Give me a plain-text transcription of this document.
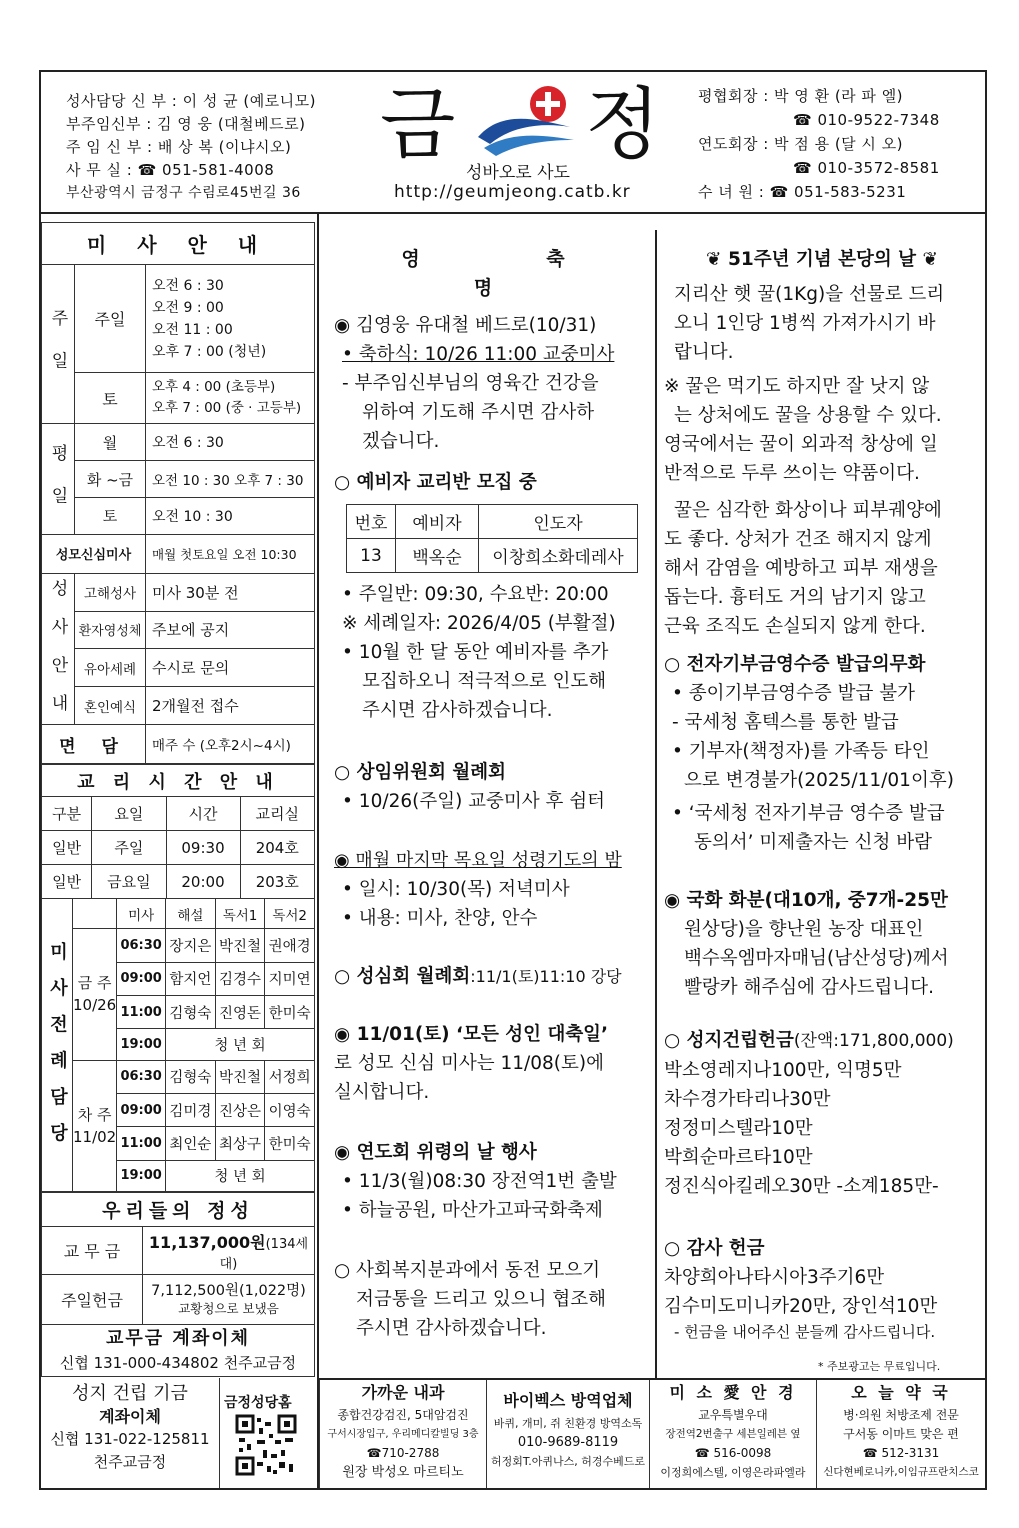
성사담당 신 부 : 이 성 균 (예로니모)
부주임신부 : 김 영 웅 (대철베드로)
주 임 신 부 : 배 상 복 (이냐시오)
사 무 실 : ☎ 051-581-4008
부산광역시 금정구 수림로45번길 36
금 정
성바오로 사도
http://geumjeong.catb.kr
평협회장 : 박 영 환 (라 파 엘)
☎ 010-9522-7348
연도회장 : 박 점 용 (달 시 오)
☎ 010-3572-8581
수 녀 원 : ☎ 051-583-5231
미 사 안 내		
주 일	주일	오전 6 : 30
오전 9 : 00
오전 11 : 00
오후 7 : 00 (청년)

	토	오후 4 : 00 (초등부)
오후 7 : 00 (중 · 고등부)

평 일	월	오전 6 : 30
	화 ~금	오전 10 : 30 오후 7 : 30
	토	오전 10 : 30
성모신심미사		매월 첫토요일 오전 10:30
성 사 안 내	고해성사	미사 30분 전
	환자영성체	주보에 공지
	유아세례	수시로 문의
	혼인예식	2개월전 접수
면 담		매주 수 (오후2시~4시)
교 리 시 간 안 내			
구분	요일	시간	교리실
일반	주일	09:30	204호
일반	금요일	20:00	203호
미 사 전 례 담 당		미사	해설	독서1	독서2
	금 주 10/26	06:30	장지은	박진철	권애경
		09:00	함지언	김경수	지미연
		11:00	김형숙	진영돈	한미숙
		19:00	청 년 회		
	차 주 11/02	06:30	김형숙	박진철	서정희
		09:00	김미경	진상은	이영숙
		11:00	최인순	최상구	한미숙
		19:00	청 년 회		
우리들의 정성	
교 무 금	11,137,000원(134세대)
주일헌금	7,112,500원(1,022명)
교황청으로 보냈음

교무금 계좌이체
신협 131-000-434802 천주교금정	
성지 건립 기금
계좌이체
신협 131-022-125811
천주교금정
금정성당홈
영 축 명
◉ 김영웅 유대철 베드로(10/31)
• 축하식: 10/26 11:00 교중미사
- 부주임신부님의 영육간 건강을
위하여 기도해 주시면 감사하
겠습니다.
○ 예비자 교리반 모집 중
번호	예비자	인도자
13	백옥순	이창희소화데레사
• 주일반: 09:30, 수요반: 20:00
※ 세례일자: 2026/4/05 (부활절)
• 10월 한 달 동안 예비자를 추가
모집하오니 적극적으로 인도해
주시면 감사하겠습니다.
○ 상임위원회 월례회
• 10/26(주일) 교중미사 후 쉼터
◉ 매월 마지막 목요일 성령기도의 밤
• 일시: 10/30(목) 저녁미사
• 내용: 미사, 찬양, 안수
○ 성심회 월례회:11/1(토)11:10 강당
◉ 11/01(토) ‘모든 성인 대축일’
로 성모 신심 미사는 11/08(토)에
실시합니다.
◉ 연도회 위령의 날 행사
• 11/3(월)08:30 장전역1번 출발
• 하늘공원, 마산가고파국화축제
○ 사회복지분과에서 동전 모으기
저금통을 드리고 있으니 협조해
주시면 감사하겠습니다.
❦ 51주년 기념 본당의 날 ❦
지리산 햇 꿀(1Kg)을 선물로 드리
오니 1인당 1병씩 가져가시기 바
랍니다.
※ 꿀은 먹기도 하지만 잘 낫지 않
는 상처에도 꿀을 상용할 수 있다.
영국에서는 꿀이 외과적 창상에 일
반적으로 두루 쓰이는 약품이다.
꿀은 심각한 화상이나 피부궤양에
도 좋다. 상처가 건조 해지지 않게
해서 감염을 예방하고 피부 재생을
돕는다. 흉터도 거의 남기지 않고
근육 조직도 손실되지 않게 한다.
○ 전자기부금영수증 발급의무화
• 종이기부금영수증 발급 불가
- 국세청 홈텍스를 통한 발급
• 기부자(책정자)를 가족등 타인
으로 변경불가(2025/11/01이후)
• ‘국세청 전자기부금 영수증 발급
동의서’ 미제출자는 신청 바람
◉ 국화 화분(대10개, 중7개-25만
원상당)을 향난원 농장 대표인
백수옥엠마자매님(남산성당)께서
빨랑카 해주심에 감사드립니다.
○ 성지건립헌금(잔액:171,800,000)
박소영레지나100만, 익명5만
차수경가타리나30만
정정미스텔라10만
박희순마르타10만
정진식아킬레오30만 -소계185만-
○ 감사 헌금
차양희아나타시아3주기6만
김수미도미니카20만, 장인석10만
- 헌금을 내어주신 분들께 감사드립니다.
* 주보광고는 무료입니다.
가까운 내과
종합건강검진, 5대암검진
구서시장입구, 우리메디칼빌딩 3층
☎710-2788
원장 박성오 마르티노
바이벡스 방역업체
바퀴, 개미, 쥐 친환경 방역소독
010-9689-8119
허정회T.아퀴나스, 허경수베드로
미 소 愛 안 경
교우특별우대
장전역2번출구 세븐일레븐 옆
☎ 516-0098
이정희에스텔, 이영은라파엘라
오 늘 약 국
병·의원 처방조제 전문
구서동 이마트 맞은 편
☎ 512-3131
신다현베로니카,이임규프란치스코
